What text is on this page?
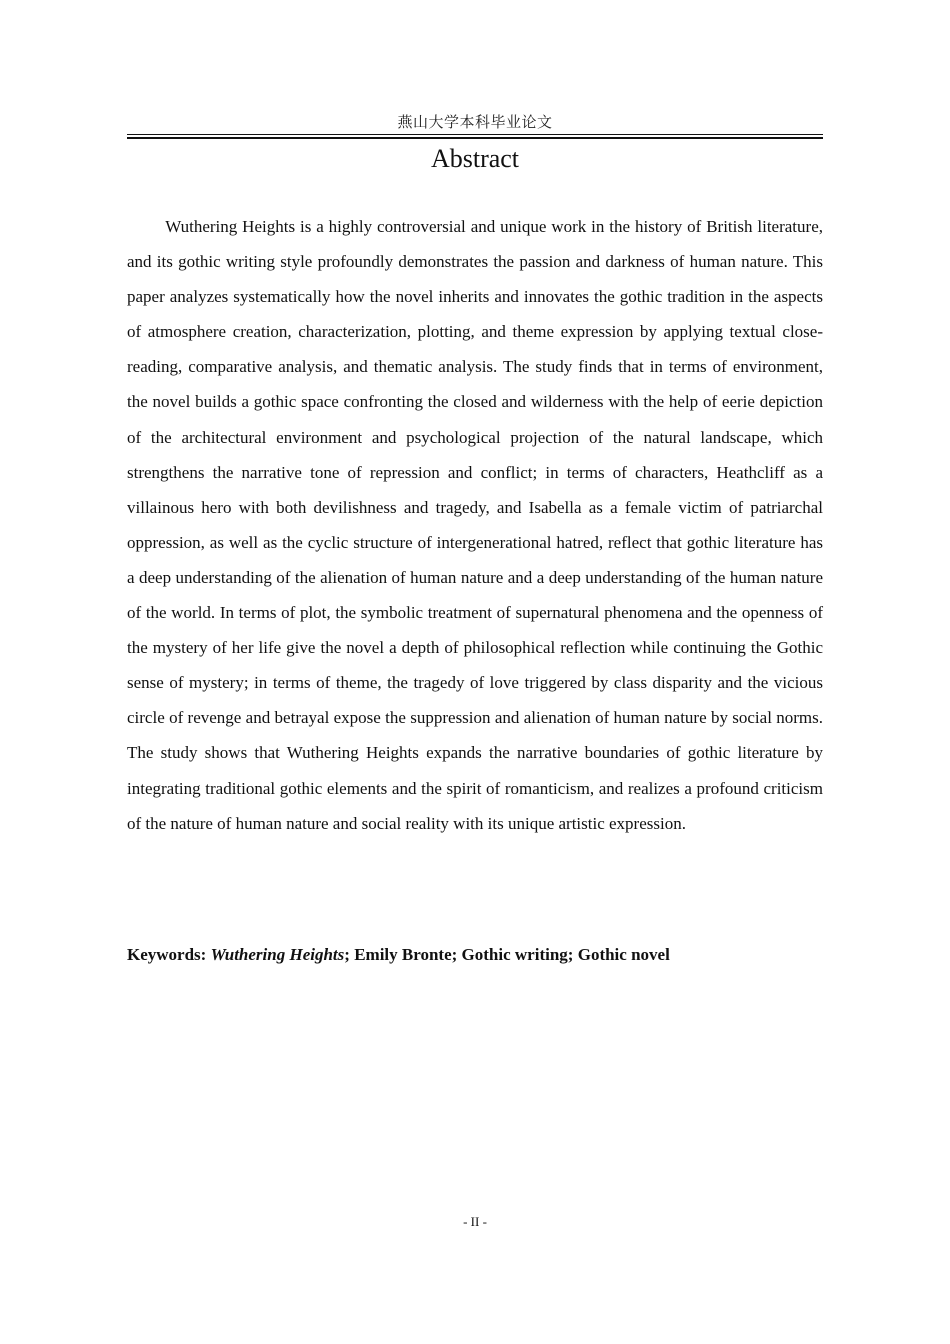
燕山大学本科毕业论文
Abstract

Wuthering Heights is a highly controversial and unique work in the history of British literature, and its gothic writing style profoundly demonstrates the passion and darkness of human nature. This paper analyzes systematically how the novel inherits and innovates the gothic tradition in the aspects of atmosphere creation, characterization, plotting, and theme expression by applying textual close-reading, comparative analysis, and thematic analysis. The study finds that in terms of environment, the novel builds a gothic space confronting the closed and wilderness with the help of eerie depiction of the architectural environment and psychological projection of the natural landscape, which strengthens the narrative tone of repression and conflict; in terms of characters, Heathcliff as a villainous hero with both devilishness and tragedy, and Isabella as a female victim of patriarchal oppression, as well as the cyclic structure of intergenerational hatred, reflect that gothic literature has a deep understanding of the alienation of human nature and a deep understanding of the human nature of the world. In terms of plot, the symbolic treatment of supernatural phenomena and the openness of the mystery of her life give the novel a depth of philosophical reflection while continuing the Gothic sense of mystery; in terms of theme, the tragedy of love triggered by class disparity and the vicious circle of revenge and betrayal expose the suppression and alienation of human nature by social norms. The study shows that Wuthering Heights expands the narrative boundaries of gothic literature by integrating traditional gothic elements and the spirit of romanticism, and realizes a profound criticism of the nature of human nature and social reality with its unique artistic expression.

Keywords: Wuthering Heights; Emily Bronte; Gothic writing; Gothic novel

- II -
